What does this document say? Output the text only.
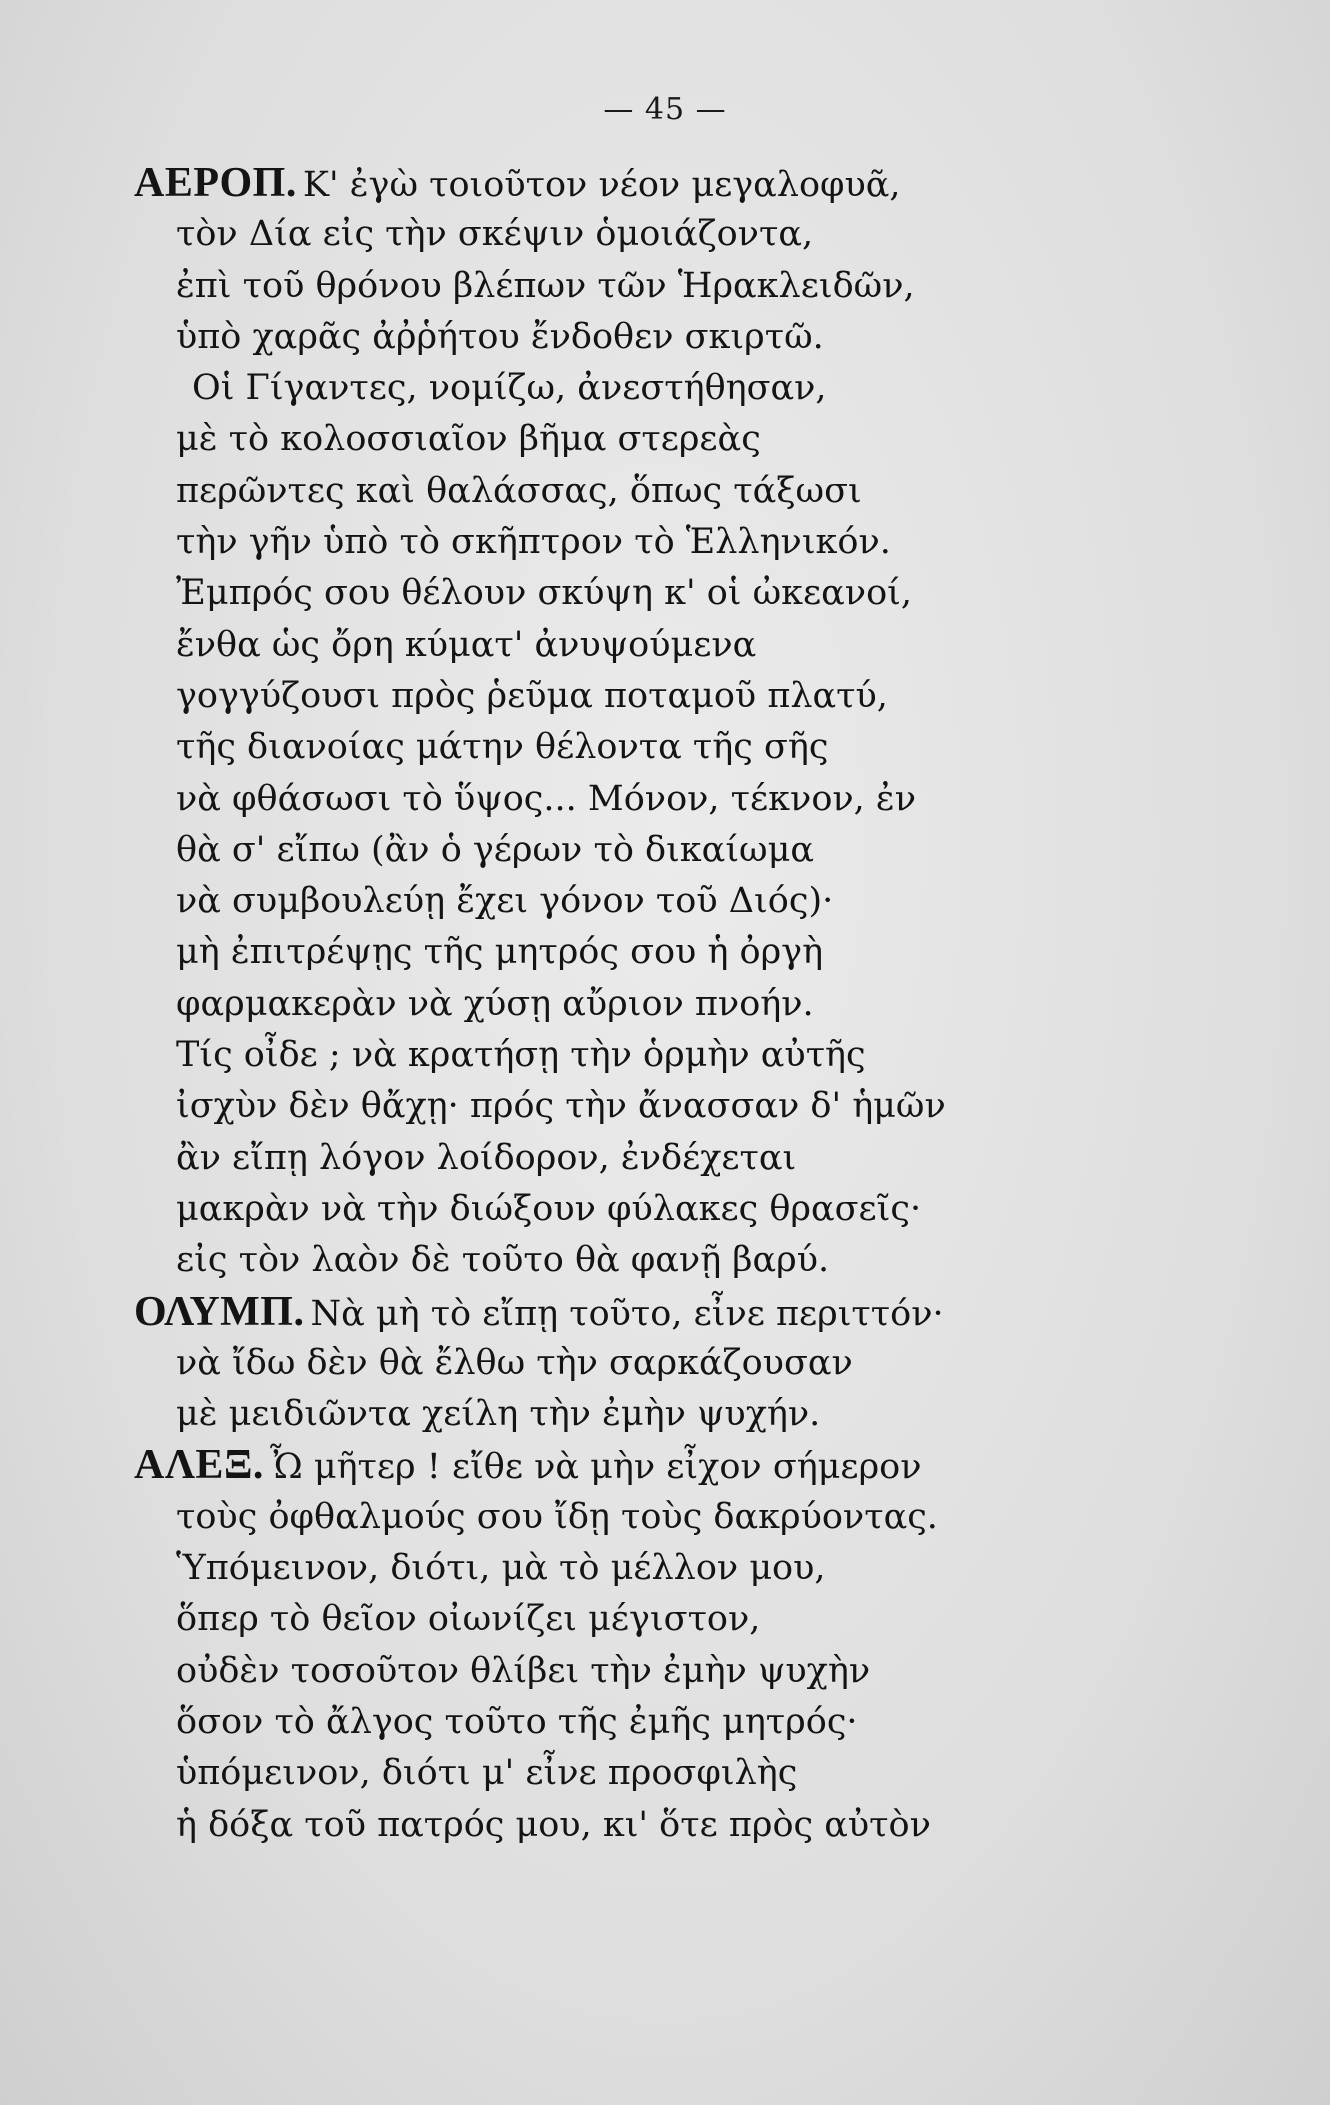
— 45 —
ΑΕΡΟΠ. Κ' ἐγὼ τοιοῦτον νέον μεγαλοφυᾶ,
τὸν Δία εἰς τὴν σκέψιν ὁμοιάζοντα,
ἐπὶ τοῦ θρόνου βλέπων τῶν Ἡρακλειδῶν,
ὑπὸ χαρᾶς ἀῤῥήτου ἔνδοθεν σκιρτῶ.
Οἱ Γίγαντες, νομίζω, ἀνεστήθησαν,
μὲ τὸ κολοσσιαῖον βῆμα στερεὰς
περῶντες καὶ θαλάσσας, ὅπως τάξωσι
τὴν γῆν ὑπὸ τὸ σκῆπτρον τὸ Ἑλληνικόν.
Ἐμπρός σου θέλουν σκύψη κ' οἱ ὠκεανοί,
ἔνθα ὡς ὄρη κύματ' ἀνυψούμενα
γογγύζουσι πρὸς ῥεῦμα ποταμοῦ πλατύ,
τῆς διανοίας μάτην θέλοντα τῆς σῆς
νὰ φθάσωσι τὸ ὕψος... Μόνον, τέκνον, ἐν
θὰ σ' εἴπω (ἂν ὁ γέρων τὸ δικαίωμα
νὰ συμβουλεύῃ ἔχει γόνον τοῦ Διός)·
μὴ ἐπιτρέψῃς τῆς μητρός σου ἡ ὀργὴ
φαρμακερὰν νὰ χύσῃ αὔριον πνοήν.
Τίς οἶδε ; νὰ κρατήσῃ τὴν ὁρμὴν αὐτῆς
ἰσχὺν δὲν θἄχῃ· πρός τὴν ἄνασσαν δ' ἡμῶν
ἂν εἴπῃ λόγον λοίδορον, ἐνδέχεται
μακρὰν νὰ τὴν διώξουν φύλακες θρασεῖς·
εἰς τὸν λαὸν δὲ τοῦτο θὰ φανῇ βαρύ.
ΟΛΥΜΠ. Νὰ μὴ τὸ εἴπῃ τοῦτο, εἶνε περιττόν·
νὰ ἴδω δὲν θὰ ἔλθω τὴν σαρκάζουσαν
μὲ μειδιῶντα χείλη τὴν ἐμὴν ψυχήν.
ΑΛΕΞ. Ὦ μῆτερ ! εἴθε νὰ μὴν εἶχον σήμερον
τοὺς ὀφθαλμούς σου ἴδῃ τοὺς δακρύοντας.
Ὑπόμεινον, διότι, μὰ τὸ μέλλον μου,
ὅπερ τὸ θεῖον οἰωνίζει μέγιστον,
οὐδὲν τοσοῦτον θλίβει τὴν ἐμὴν ψυχὴν
ὅσον τὸ ἄλγος τοῦτο τῆς ἐμῆς μητρός·
ὑπόμεινον, διότι μ' εἶνε προσφιλὴς
ἡ δόξα τοῦ πατρός μου, κι' ὅτε πρὸς αὐτὸν
